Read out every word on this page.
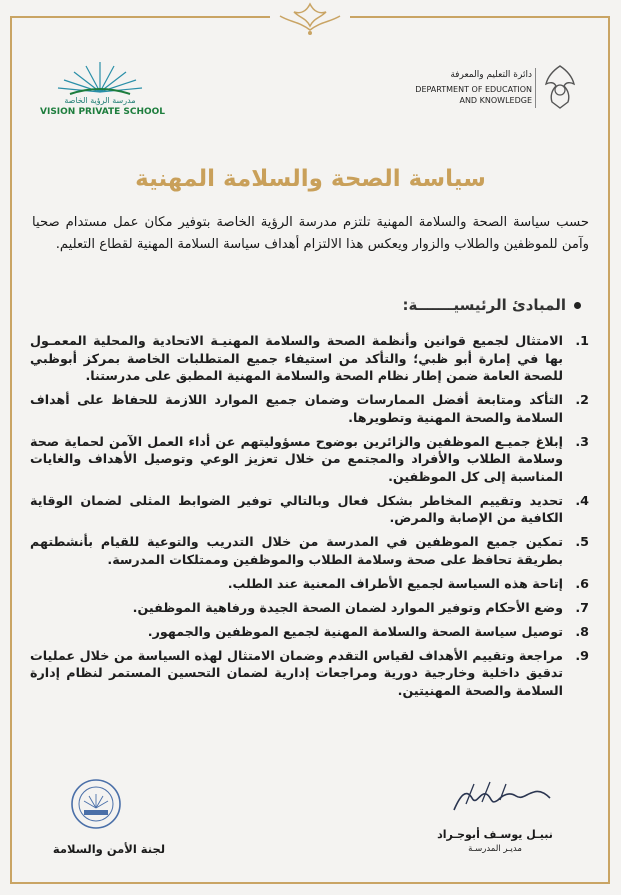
مدرسة الرؤية الخاصة
VISION PRIVATE SCHOOL
دائرة التعليم والمعرفة
DEPARTMENT OF EDUCATION
AND KNOWLEDGE
سياسة الصحة والسلامة المهنية
حسب سياسة الصحة والسلامة المهنية تلتزم مدرسة الرؤية الخاصة بتوفير مكان عمل مستدام صحيا وآمن للموظفين والطلاب والزوار ويعكس هذا الالتزام أهداف سياسة السلامة المهنية لقطاع التعليم.
المبادئ الرئيسيـــــــة:
1.
الامتثال لجميع قوانين وأنظمة الصحة والسلامة المهنيـة الاتحادية والمحلية المعمـول بها في إمارة أبو ظبي؛ والتأكد من استيفاء جميع المتطلبات الخاصة بمركز أبوظبي للصحة العامة ضمن إطار نظام الصحة والسلامة المهنية المطبق على مدرستنا.
2.
التأكد ومتابعة أفضل الممارسات وضمان جميع الموارد اللازمة للحفاظ على أهداف السلامة والصحة المهنية وتطويرها.
3.
إبلاغ جميـع الموظفين والزائرين بوضوح مسؤوليتهم عن أداء العمل الآمن لحماية صحة وسلامة الطلاب والأفراد والمجتمع من خلال تعزيز الوعي وتوصيل الأهداف والغايات المناسبة إلى كل الموظفين.
4.
تحديد وتقييم المخاطر بشكل فعال وبالتالي توفير الضوابط المثلى لضمان الوقاية الكافية من الإصابة والمرض.
5.
تمكين جميع الموظفين في المدرسة من خلال التدريب والتوعية للقيام بأنشطتهم بطريقة تحافظ على صحة وسلامة الطلاب والموظفين وممتلكات المدرسة.
6.
إتاحة هذه السياسة لجميع الأطراف المعنية عند الطلب.
7.
وضع الأحكام وتوفير الموارد لضمان الصحة الجيدة ورفاهية الموظفين.
8.
توصيل سياسة الصحة والسلامة المهنية لجميع الموظفين والجمهور.
9.
مراجعة وتقييم الأهداف لقياس التقدم وضمان الامتثال لهذه السياسة من خلال عمليات تدقيق داخلية وخارجية دورية ومراجعات إدارية لضمان التحسين المستمر لنظام إدارة السلامة والصحة المهنيتين.
لجنة الأمن والسلامة
نبيـل يوسـف أبوجـراد
مديـر المدرسـة
